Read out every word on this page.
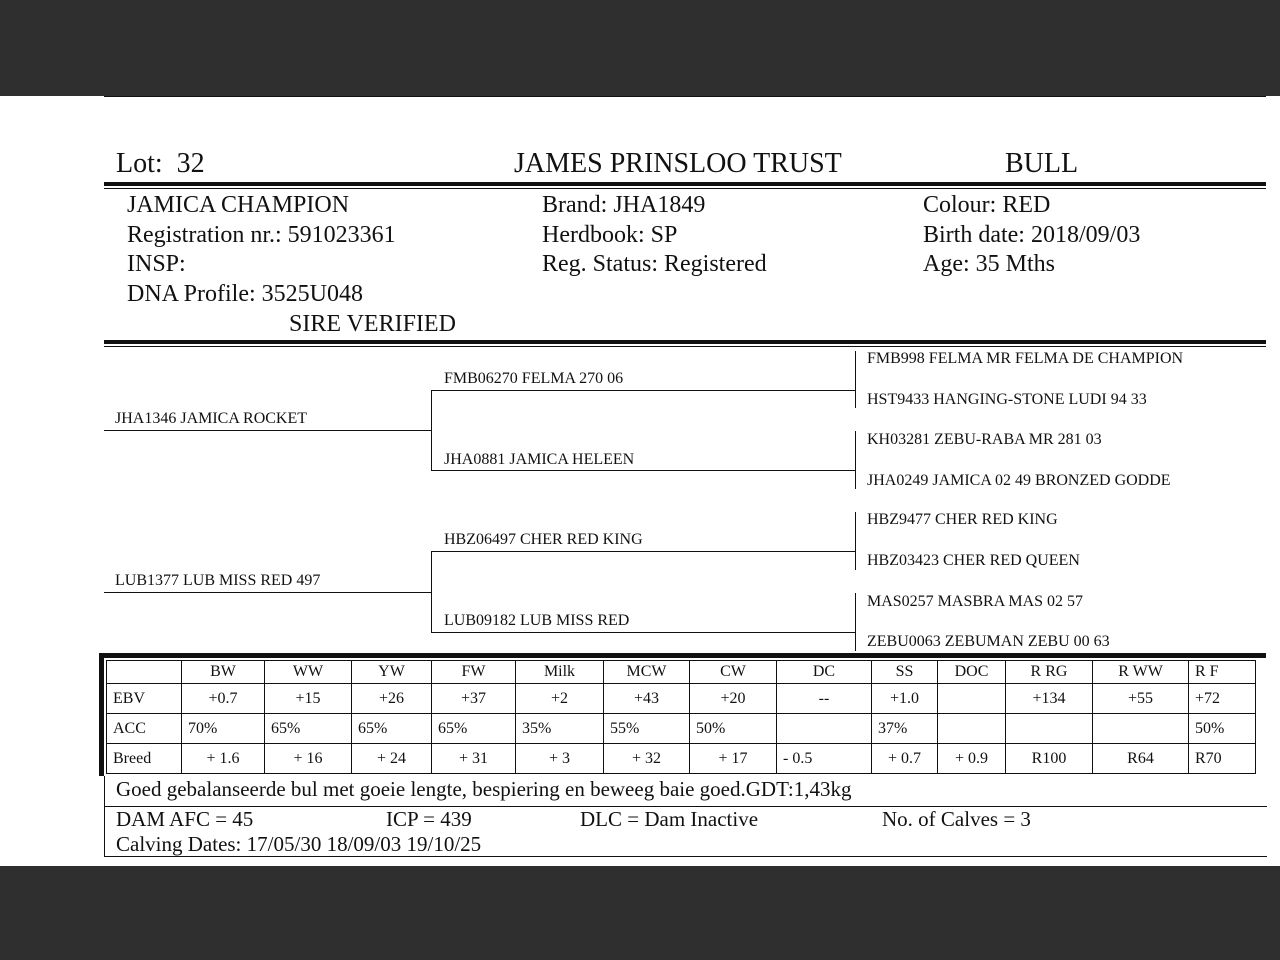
Lot: 32	JAMES PRINSLOO TRUST	BULL
JAMICA CHAMPION
Registration nr.: 591023361
INSP:
DNA Profile: 3525U048
SIRE VERIFIED
Brand: JHA1849
Herdbook: SP
Reg. Status: Registered
Colour: RED
Birth date: 2018/09/03
Age: 35 Mths
JHA1346 JAMICA ROCKET
LUB1377 LUB MISS RED 497
FMB06270 FELMA 270 06
JHA0881 JAMICA HELEEN
HBZ06497 CHER RED KING
LUB09182 LUB MISS RED
FMB998 FELMA MR FELMA DE CHAMPION
HST9433 HANGING-STONE LUDI 94 33
KH03281 ZEBU-RABA MR 281 03
JHA0249 JAMICA 02 49 BRONZED GODDE
HBZ9477 CHER RED KING
HBZ03423 CHER RED QUEEN
MAS0257 MASBRA MAS 02 57
ZEBU0063 ZEBUMAN ZEBU 00 63
	BW	WW	YW	FW	Milk	MCW	CW	DC	SS	DOC	R RG	R WW	R F
EBV	+0.7	+15	+26	+37	+2	+43	+20	--	+1.0		+134	+55	+72
ACC	70%	65%	65%	65%	35%	55%	50%		37%				50%
Breed	+ 1.6	+ 16	+ 24	+ 31	+ 3	+ 32	+ 17	- 0.5	+ 0.7	+ 0.9	R100	R64	R70
Goed gebalanseerde bul met goeie lengte, bespiering en beweeg baie goed.GDT:1,43kg
DAM AFC = 45	ICP = 439	DLC = Dam Inactive	No. of Calves = 3
Calving Dates: 17/05/30 18/09/03 19/10/25
